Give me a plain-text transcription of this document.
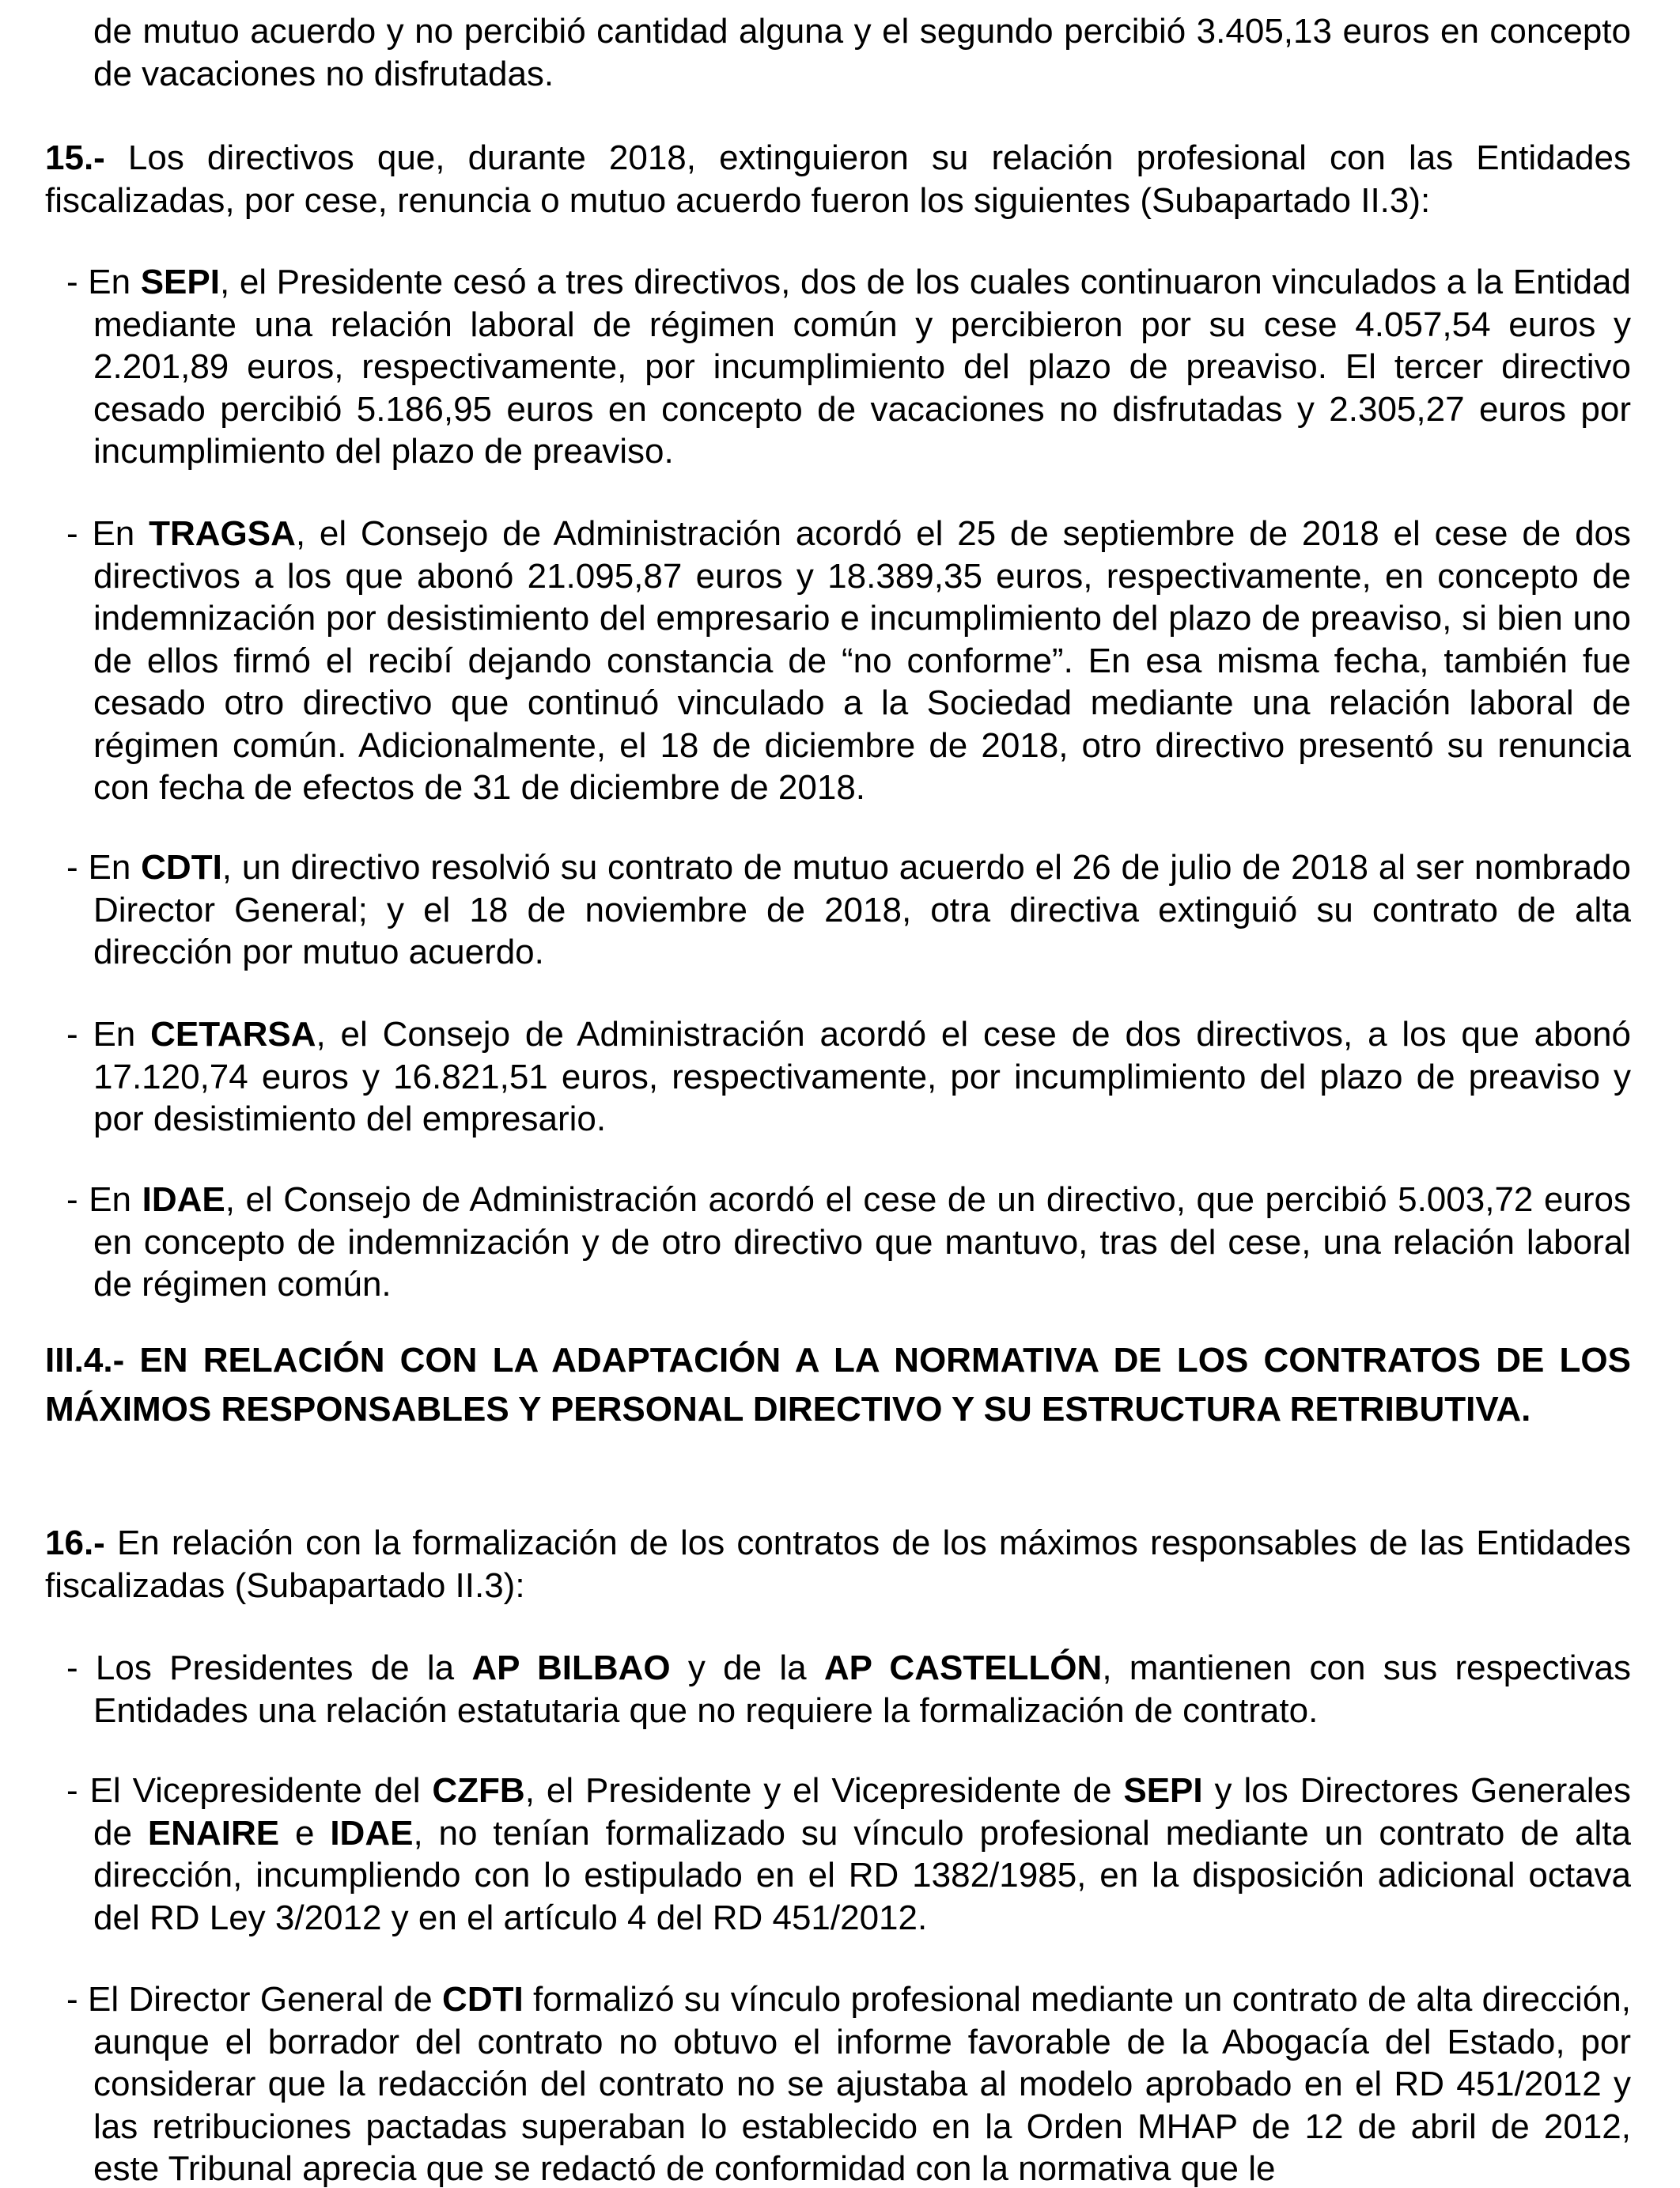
de mutuo acuerdo y no percibió cantidad alguna y el segundo percibió 3.405,13 euros en concepto de vacaciones no disfrutadas.

15.- Los directivos que, durante 2018, extinguieron su relación profesional con las Entidades fiscalizadas, por cese, renuncia o mutuo acuerdo fueron los siguientes (Subapartado II.3):

- En SEPI, el Presidente cesó a tres directivos, dos de los cuales continuaron vinculados a la Entidad mediante una relación laboral de régimen común y percibieron por su cese 4.057,54 euros y 2.201,89 euros, respectivamente, por incumplimiento del plazo de preaviso. El tercer directivo cesado percibió 5.186,95 euros en concepto de vacaciones no disfrutadas y 2.305,27 euros por incumplimiento del plazo de preaviso.

- En TRAGSA, el Consejo de Administración acordó el 25 de septiembre de 2018 el cese de dos directivos a los que abonó 21.095,87 euros y 18.389,35 euros, respectivamente, en concepto de indemnización por desistimiento del empresario e incumplimiento del plazo de preaviso, si bien uno de ellos firmó el recibí dejando constancia de “no conforme”. En esa misma fecha, también fue cesado otro directivo que continuó vinculado a la Sociedad mediante una relación laboral de régimen común. Adicionalmente, el 18 de diciembre de 2018, otro directivo presentó su renuncia con fecha de efectos de 31 de diciembre de 2018.

- En CDTI, un directivo resolvió su contrato de mutuo acuerdo el 26 de julio de 2018 al ser nombrado Director General; y el 18 de noviembre de 2018, otra directiva extinguió su contrato de alta dirección por mutuo acuerdo.

- En CETARSA, el Consejo de Administración acordó el cese de dos directivos, a los que abonó 17.120,74 euros y 16.821,51 euros, respectivamente, por incumplimiento del plazo de preaviso y por desistimiento del empresario.

- En IDAE, el Consejo de Administración acordó el cese de un directivo, que percibió 5.003,72 euros en concepto de indemnización y de otro directivo que mantuvo, tras del cese, una relación laboral de régimen común.

III.4.- EN RELACIÓN CON LA ADAPTACIÓN A LA NORMATIVA DE LOS CONTRATOS DE LOS MÁXIMOS RESPONSABLES Y PERSONAL DIRECTIVO Y SU ESTRUCTURA RETRIBUTIVA.

16.- En relación con la formalización de los contratos de los máximos responsables de las Entidades fiscalizadas (Subapartado II.3):

- Los Presidentes de la AP BILBAO y de la AP CASTELLÓN, mantienen con sus respectivas Entidades una relación estatutaria que no requiere la formalización de contrato.

- El Vicepresidente del CZFB, el Presidente y el Vicepresidente de SEPI y los Directores Generales de ENAIRE e IDAE, no tenían formalizado su vínculo profesional mediante un contrato de alta dirección, incumpliendo con lo estipulado en el RD 1382/1985, en la disposición adicional octava del RD Ley 3/2012 y en el artículo 4 del RD 451/2012.

- El Director General de CDTI formalizó su vínculo profesional mediante un contrato de alta dirección, aunque el borrador del contrato no obtuvo el informe favorable de la Abogacía del Estado, por considerar que la redacción del contrato no se ajustaba al modelo aprobado en el RD 451/2012 y las retribuciones pactadas superaban lo establecido en la Orden MHAP de 12 de abril de 2012, este Tribunal aprecia que se redactó de conformidad con la normativa que le
